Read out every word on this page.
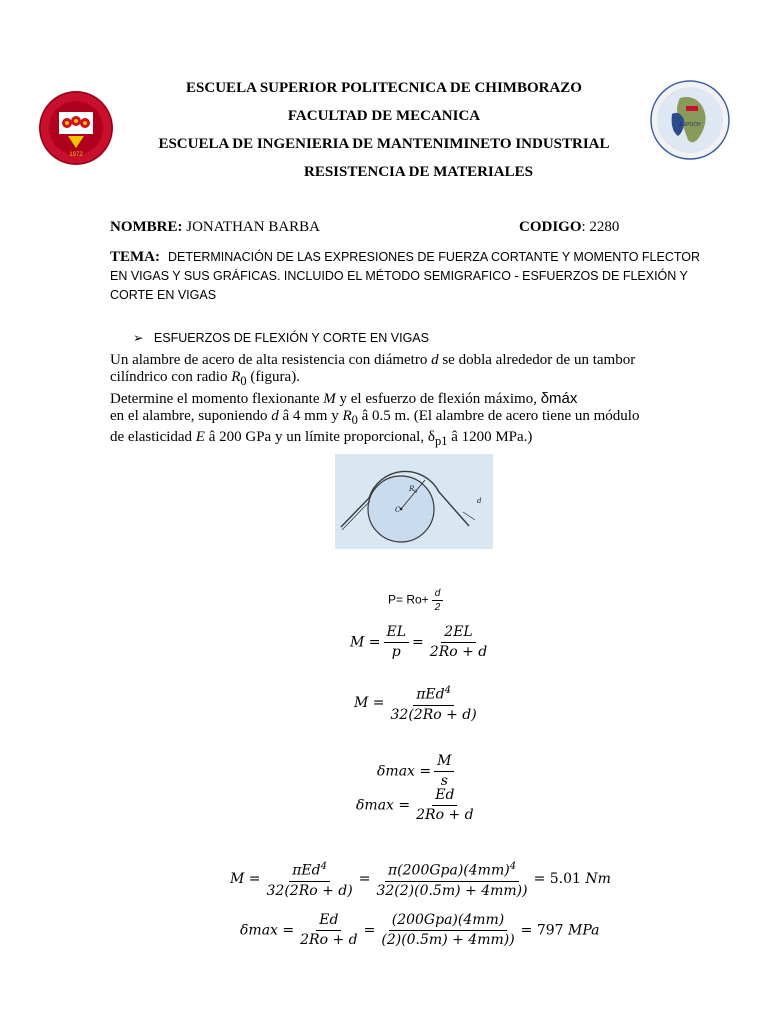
1972
ESPOCH
ESCUELA SUPERIOR POLITECNICA DE CHIMBORAZO
FACULTAD DE MECANICA
ESCUELA DE INGENIERIA DE MANTENIMINETO INDUSTRIAL
RESISTENCIA DE MATERIALES
NOMBRE: JONATHAN BARBA	CODIGO: 2280
TEMA: DETERMINACIÓN DE LAS EXPRESIONES DE FUERZA CORTANTE Y MOMENTO FLECTOR
EN VIGAS Y SUS GRÁFICAS. INCLUIDO EL MÉTODO SEMIGRAFICO - ESFUERZOS DE FLEXIÓN Y
CORTE EN VIGAS
➢ ESFUERZOS DE FLEXIÓN Y CORTE EN VIGAS
Un alambre de acero de alta resistencia con diámetro d se dobla alrededor de un tambor
cilíndrico con radio $R_0$ (figura).
Determine el momento flexionante M y el esfuerzo de flexión máximo, δmáx
en el alambre, suponiendo d â 4 mm y $R_0$ â 0.5 m. (El alambre de acero tiene un módulo
de elasticidad E â 200 GPa y un límite proporcional, $\delta_{p1}$ â 1200 MPa.)
R 0
C
d
$P= Ro+ \frac{d}{2}$
$M = \frac{EL}{p} = \frac{2EL}{2Ro + d}$
$M = \frac{\pi Ed^4}{32(2Ro + d)}$
$\delta\max = \frac{M}{s}$
$\delta\max = \frac{Ed}{2Ro + d}$
$M = \frac{\pi Ed^4}{32(2Ro + d)} = \frac{\pi(200Gpa)(4mm)^4}{32(2)(0.5m) + 4mm))} = 5.01$ Nm
$\delta\max = \frac{Ed}{2Ro + d} = \frac{\text{(200Gpa)(4mm)}}{(2)(0.5m) + 4mm))} = 797$ MPa
